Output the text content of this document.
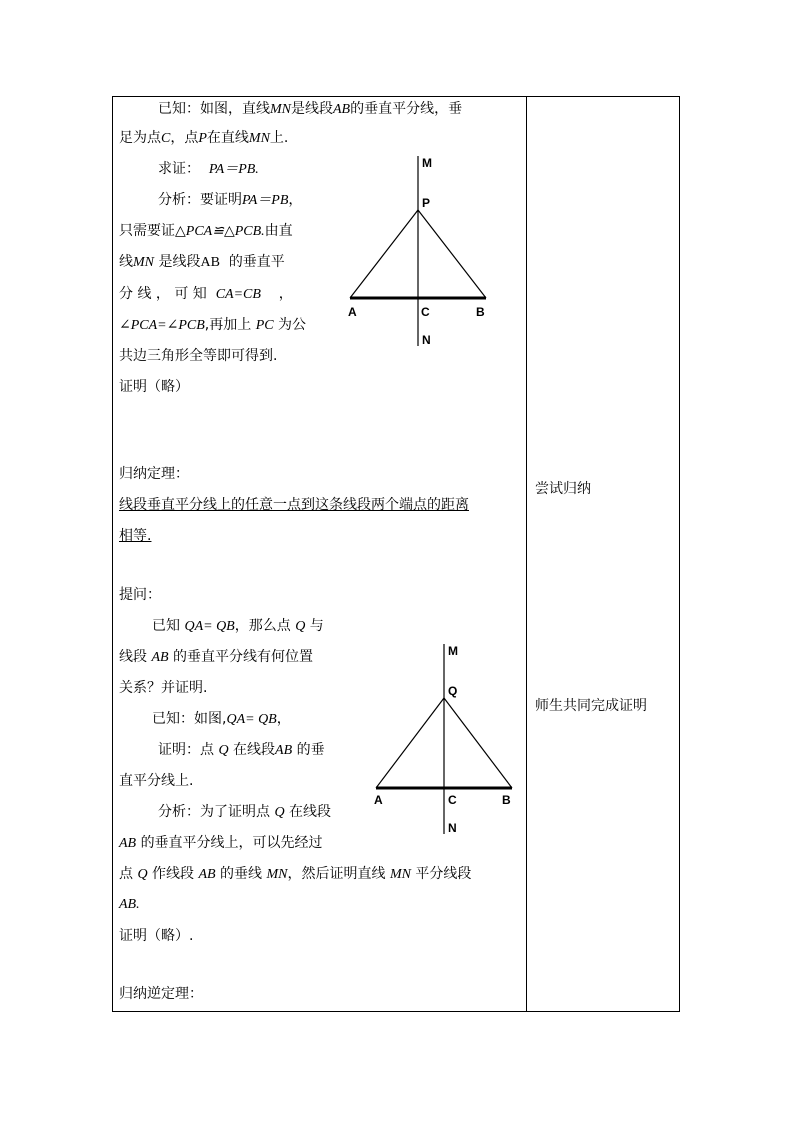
已知：如图，直线MN是线段AB的垂直平分线，垂
足为点C，点P在直线MN上.
求证： PA＝PB.
分析：要证明PA＝PB，
只需要证△PCA≌△PCB.由直
线MN 是线段AB 的垂直平
分 线 ， 可 知 CA=CB ，
∠PCA=∠PCB,再加上 PC 为公
共边三角形全等即可得到.
证明（略）
归纳定理：
线段垂直平分线上的任意一点到这条线段两个端点的距离
相等.
提问：
已知 QA= QB，那么点 Q 与
线段 AB 的垂直平分线有何位置
关系？并证明.
已知：如图,QA= QB，
证明：点 Q 在线段AB 的垂
直平分线上.
分析：为了证明点 Q 在线段
AB 的垂直平分线上，可以先经过
点 Q 作线段 AB 的垂线 MN，然后证明直线 MN 平分线段
AB.
证明（略）.
归纳逆定理：
尝试归纳
师生共同完成证明
M
P
A	C	B
N
M
Q
A	C	B
N
